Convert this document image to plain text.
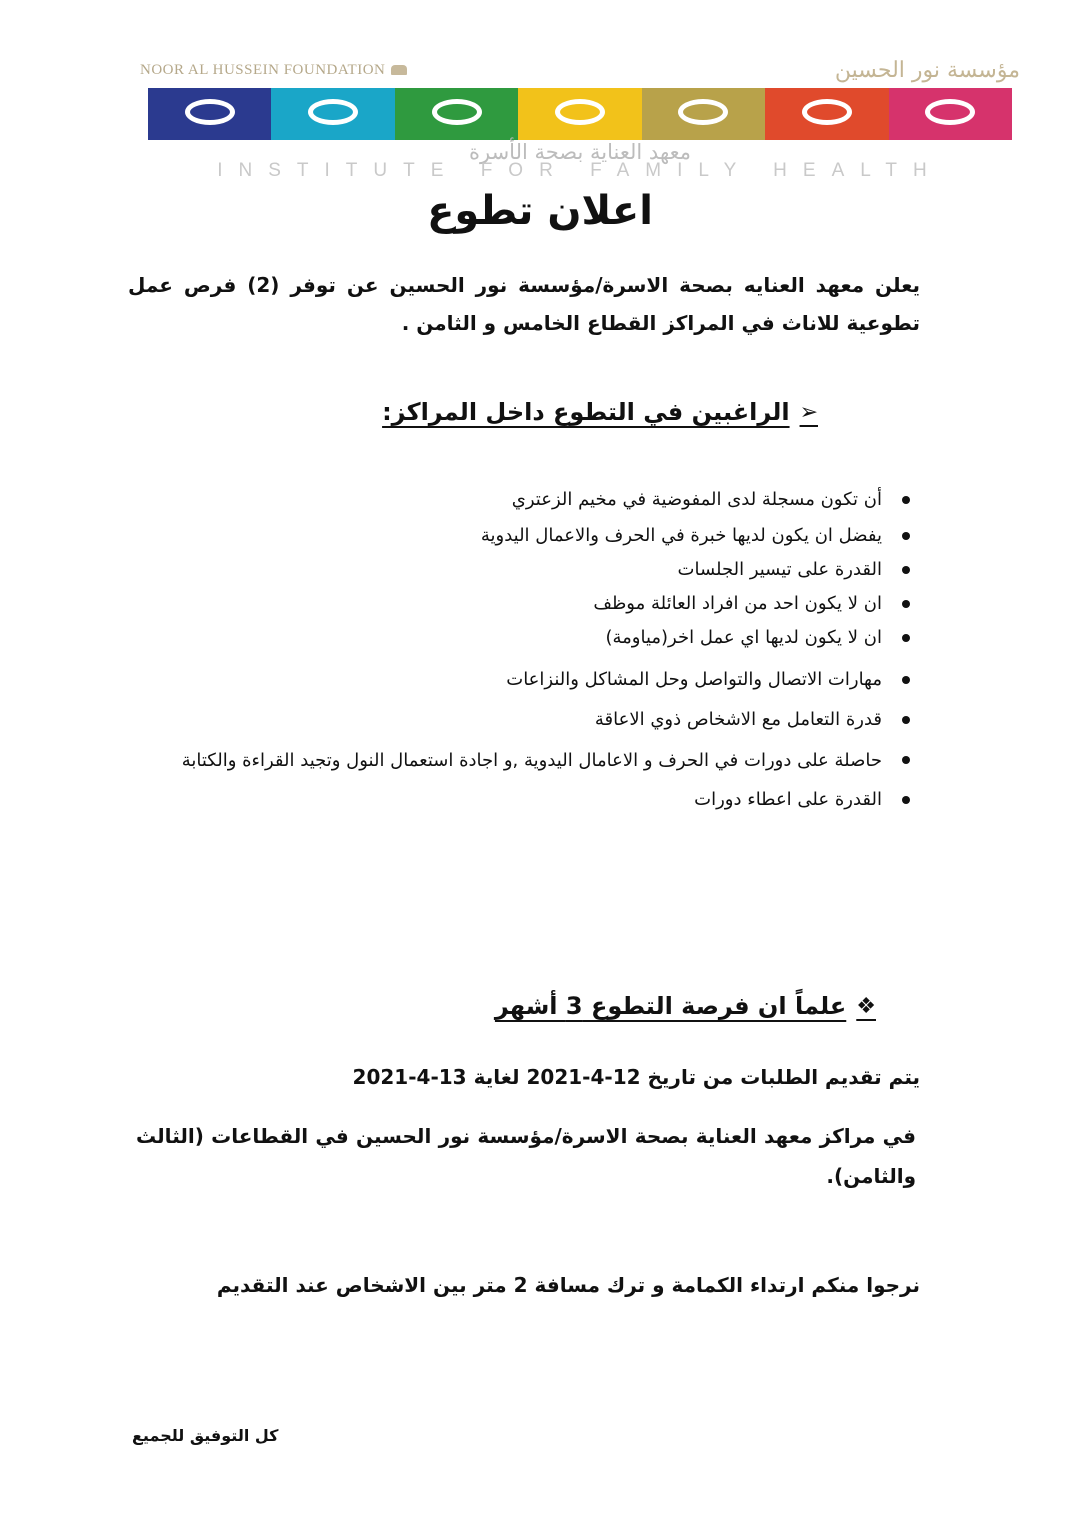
NOOR AL HUSSEIN FOUNDATION	مؤسسة نور الحسين
معهد العناية بصحة الأسرة
INSTITUTE FOR FAMILY HEALTH
اعلان تطوع
يعلن معهد العنايه بصحة الاسرة/مؤسسة نور الحسين عن توفر (2) فرص عمل تطوعية للاناث في المراكز القطاع الخامس و الثامن .
➢
الراغبين في التطوع داخل المراكز:
أن تكون مسجلة لدى المفوضية في مخيم الزعتري
يفضل ان يكون لديها خبرة في الحرف والاعمال اليدوية
القدرة على تيسير الجلسات
ان لا يكون احد من افراد العائلة موظف
ان لا يكون لديها اي عمل اخر(مياومة)
مهارات الاتصال والتواصل وحل المشاكل والنزاعات
قدرة التعامل مع الاشخاص ذوي الاعاقة
حاصلة على دورات في الحرف و الاعامال اليدوية ,و اجادة استعمال النول وتجيد القراءة والكتابة
القدرة على اعطاء دورات
❖
علماً ان فرصة التطوع 3 أشهر
يتم تقديم الطلبات من تاريخ 12-4-2021 لغاية 13-4-2021
في مراكز معهد العناية بصحة الاسرة/مؤسسة نور الحسين في القطاعات (الثالث والثامن).
نرجوا منكم ارتداء الكمامة و ترك مسافة 2 متر بين الاشخاص عند التقديم
كل التوفيق للجميع
